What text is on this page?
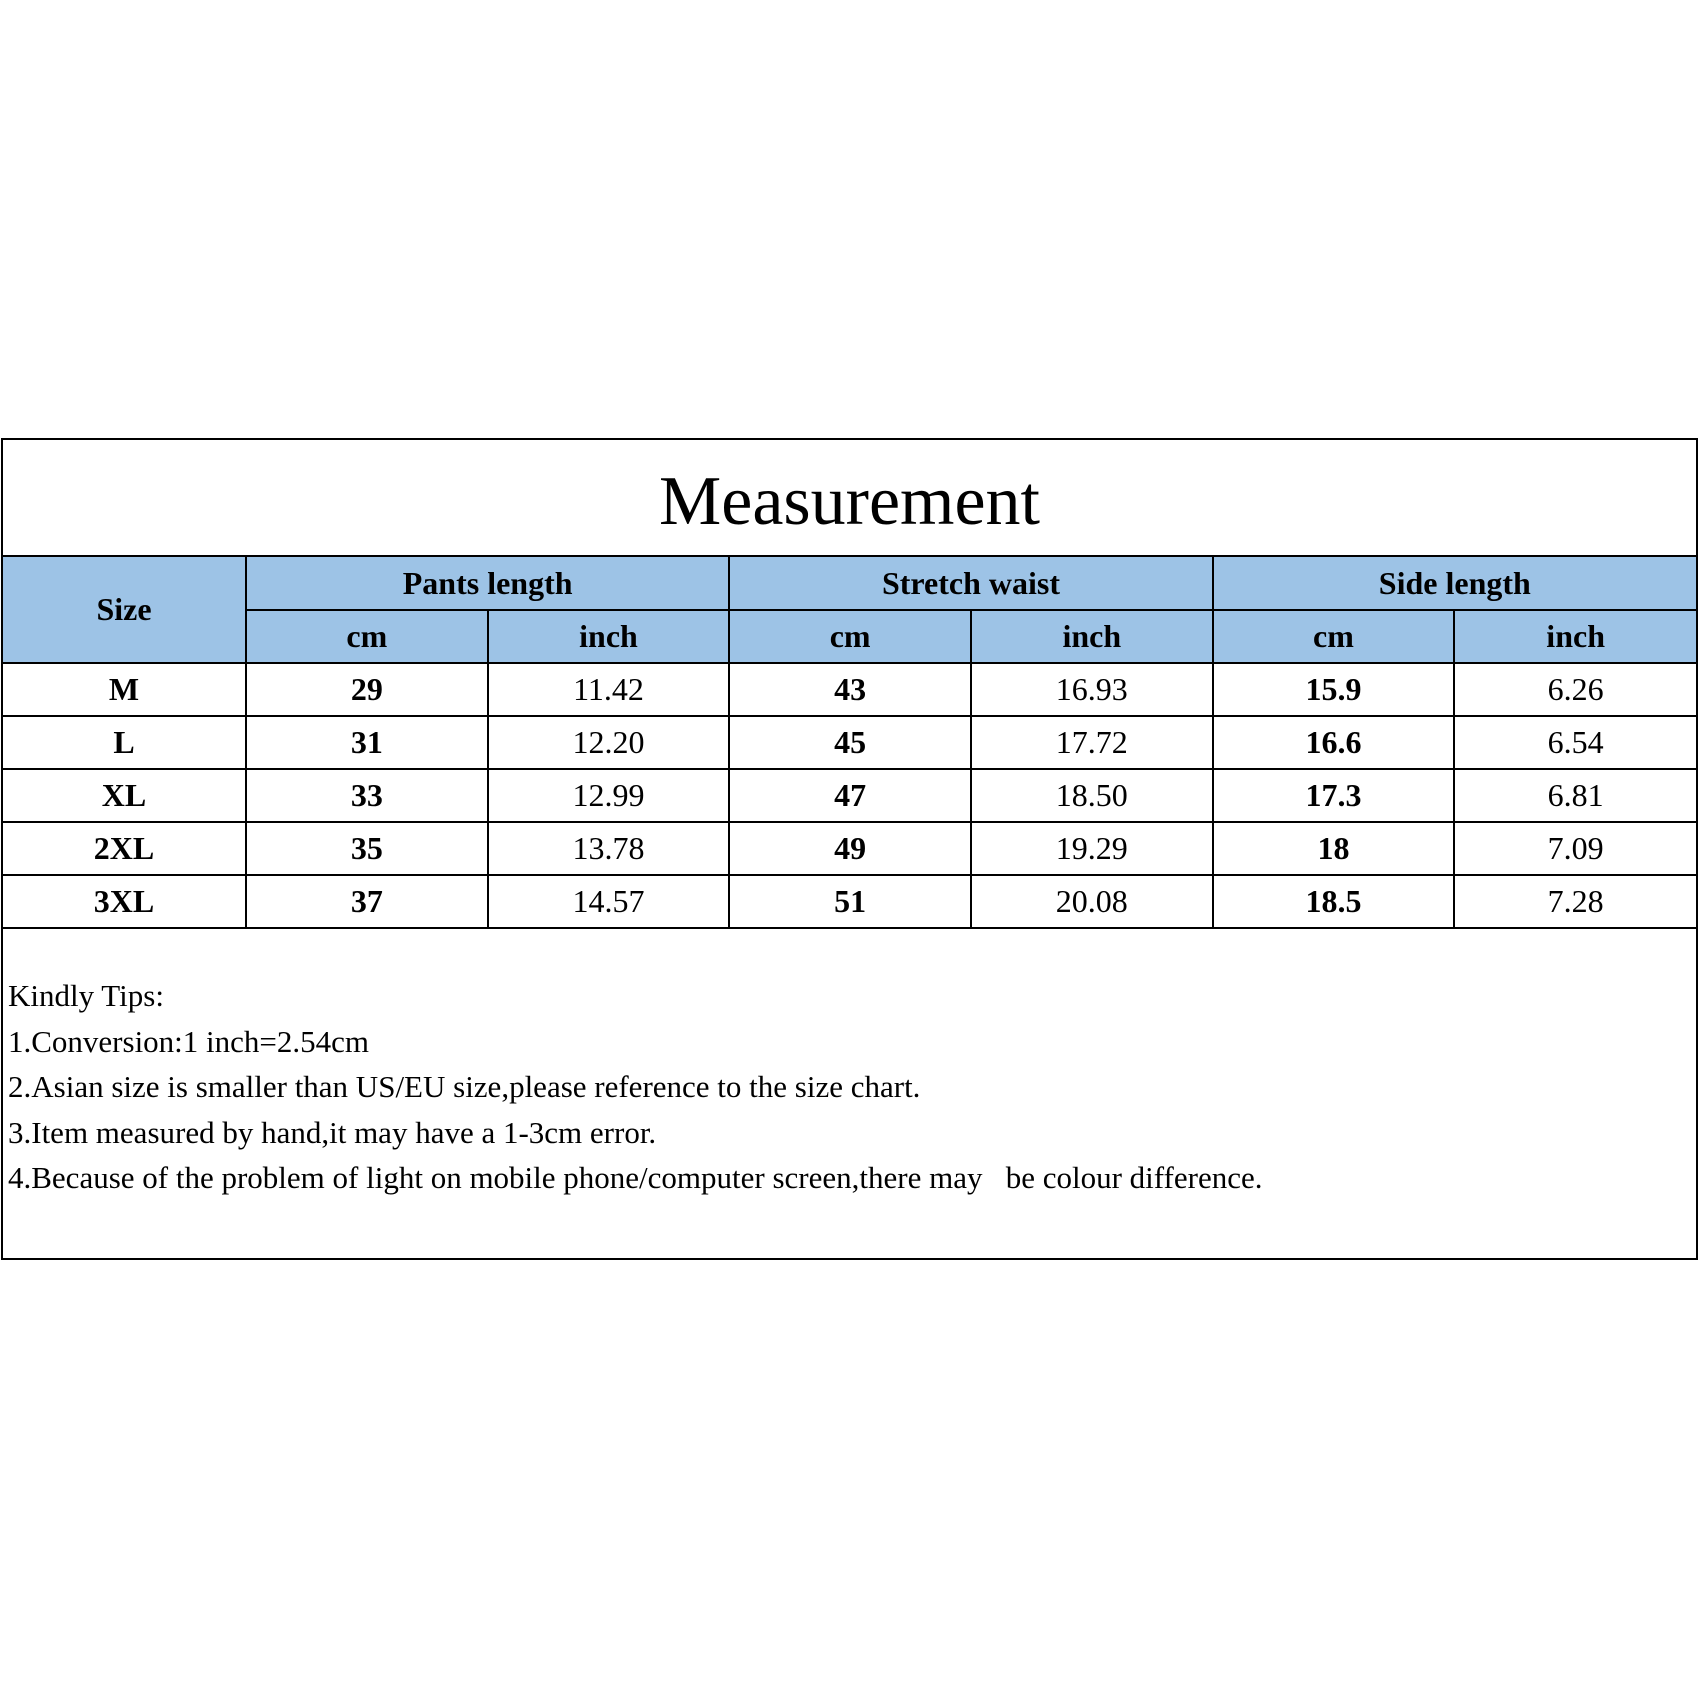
Measurement
Size	Pants length		Stretch waist		Side length	
	cm	inch	cm	inch	cm	inch
M	29	11.42	43	16.93	15.9	6.26
L	31	12.20	45	17.72	16.6	6.54
XL	33	12.99	47	18.50	17.3	6.81
2XL	35	13.78	49	19.29	18	7.09
3XL	37	14.57	51	20.08	18.5	7.28
Kindly Tips:
1.Conversion:1 inch=2.54cm
2.Asian size is smaller than US/EU size,please reference to the size chart.
3.Item measured by hand,it may have a 1-3cm error.
4.Because of the problem of light on mobile phone/computer screen,there may   be colour difference.
